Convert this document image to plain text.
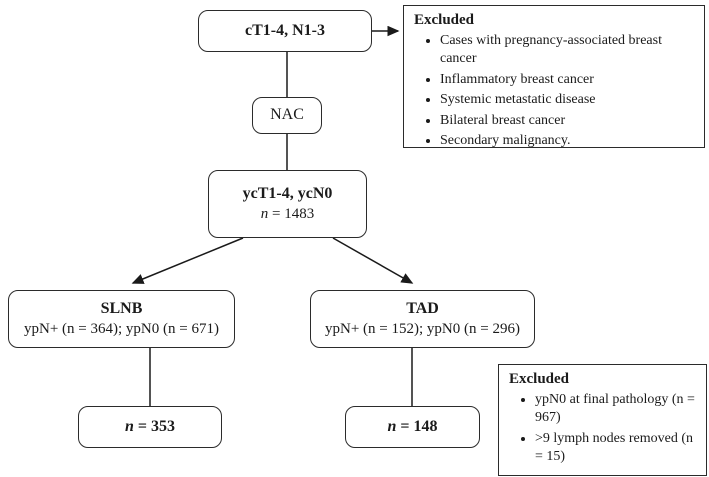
cT1-4, N1-3
Excluded
• Cases with pregnancy-associated breast cancer
• Inflammatory breast cancer
• Systemic metastatic disease
• Bilateral breast cancer
• Secondary malignancy.
NAC
ycT1-4, ycN0
n = 1483
SLNB
ypN+ (n = 364); ypN0 (n = 671)
TAD
ypN+ (n = 152); ypN0 (n = 296)
n = 353	n = 148
Excluded
• ypN0 at final pathology (n = 967)
• >9 lymph nodes removed (n = 15)
